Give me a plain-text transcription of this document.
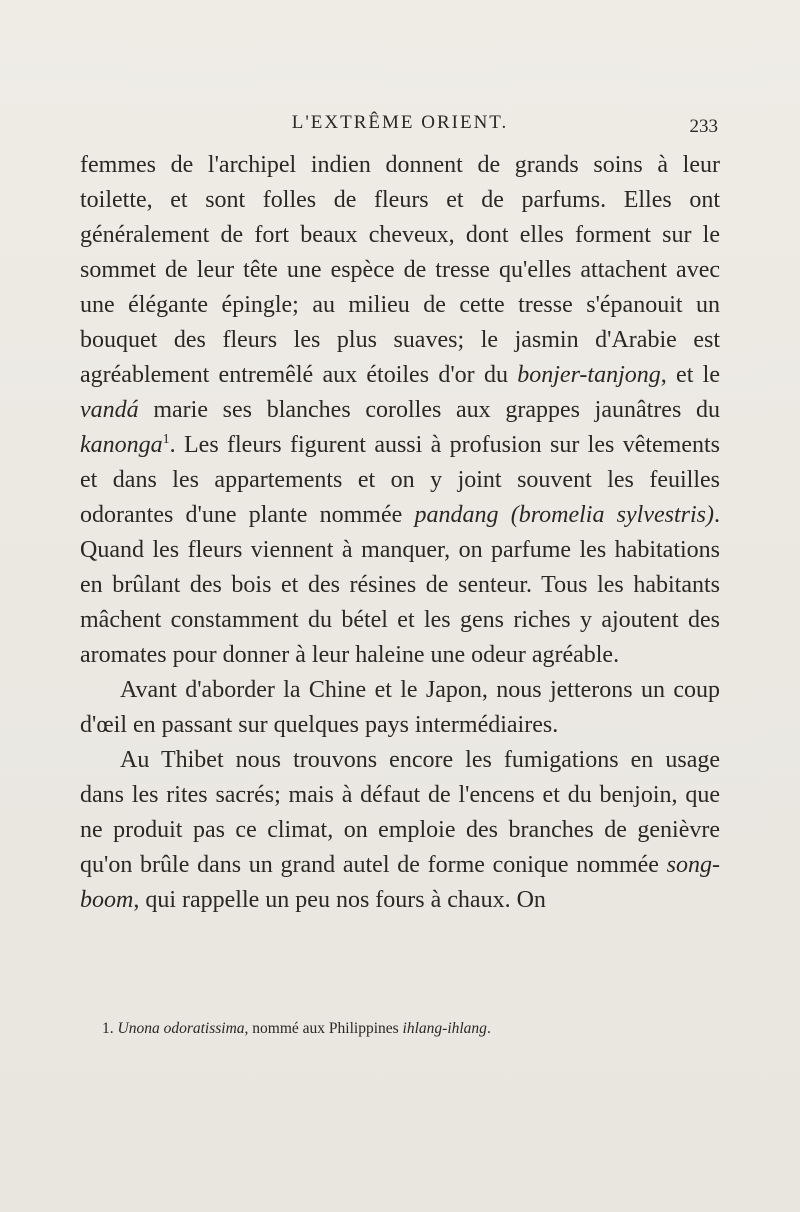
L'EXTRÊME ORIENT.	233

femmes de l'archipel indien donnent de grands soins à leur toilette, et sont folles de fleurs et de parfums. Elles ont généralement de fort beaux cheveux, dont elles forment sur le sommet de leur tête une espèce de tresse qu'elles attachent avec une élégante épingle; au milieu de cette tresse s'épanouit un bouquet des fleurs les plus suaves; le jasmin d'Arabie est agréablement entremêlé aux étoiles d'or du bonjer-tanjong, et le vandá marie ses blanches corolles aux grappes jaunâtres du kanonga$^1$. Les fleurs figurent aussi à profusion sur les vêtements et dans les appartements et on y joint souvent les feuilles odorantes d'une plante nommée pandang (bromelia sylvestris). Quand les fleurs viennent à manquer, on parfume les habitations en brûlant des bois et des résines de senteur. Tous les habitants mâchent constamment du bétel et les gens riches y ajoutent des aromates pour donner à leur haleine une odeur agréable.

Avant d'aborder la Chine et le Japon, nous jetterons un coup d'œil en passant sur quelques pays intermédiaires.

Au Thibet nous trouvons encore les fumigations en usage dans les rites sacrés; mais à défaut de l'encens et du benjoin, que ne produit pas ce climat, on emploie des branches de genièvre qu'on brûle dans un grand autel de forme conique nommée song-boom, qui rappelle un peu nos fours à chaux. On

1. Unona odoratissima, nommé aux Philippines ihlang-ihlang.
